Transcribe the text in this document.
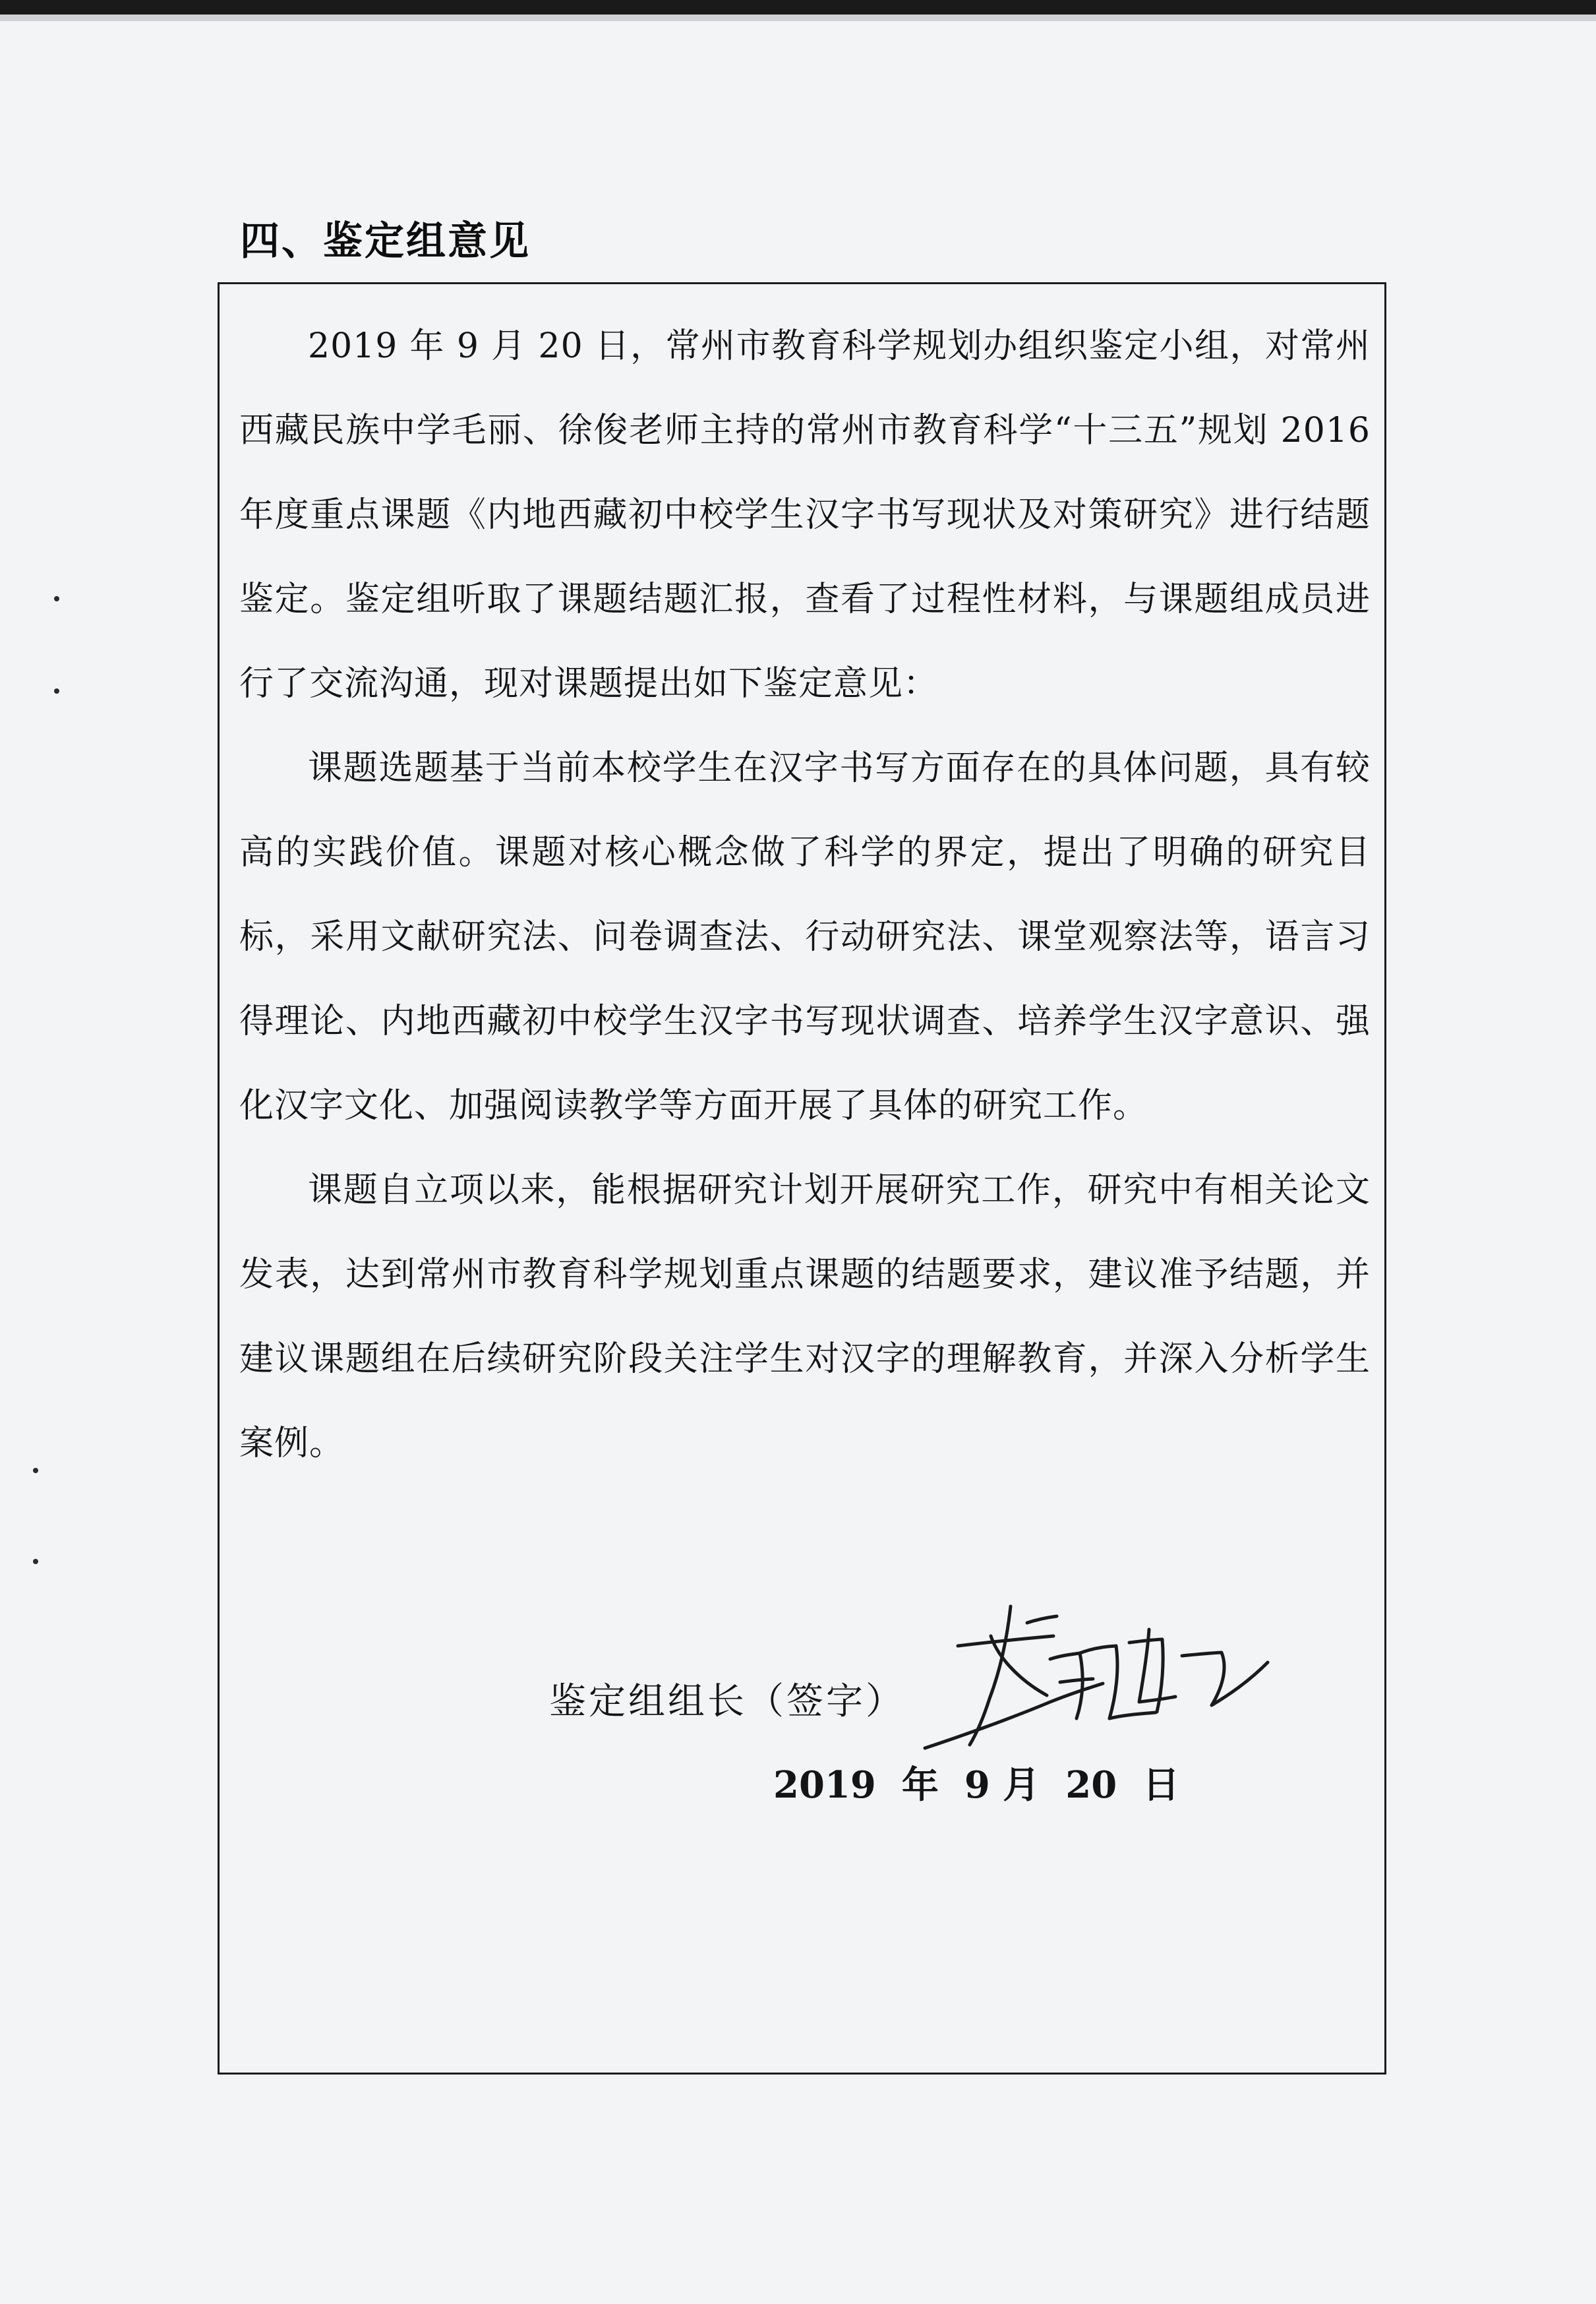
四、鉴定组意见

2019 年 9 月 20 日，常州市教育科学规划办组织鉴定小组，对常州西藏民族中学毛丽、徐俊老师主持的常州市教育科学“十三五”规划 2016 年度重点课题《内地西藏初中校学生汉字书写现状及对策研究》进行结题鉴定。鉴定组听取了课题结题汇报，查看了过程性材料，与课题组成员进行了交流沟通，现对课题提出如下鉴定意见：

课题选题基于当前本校学生在汉字书写方面存在的具体问题，具有较高的实践价值。课题对核心概念做了科学的界定，提出了明确的研究目标，采用文献研究法、问卷调查法、行动研究法、课堂观察法等，语言习得理论、内地西藏初中校学生汉字书写现状调查、培养学生汉字意识、强化汉字文化、加强阅读教学等方面开展了具体的研究工作。

课题自立项以来，能根据研究计划开展研究工作，研究中有相关论文发表，达到常州市教育科学规划重点课题的结题要求，建议准予结题，并建议课题组在后续研究阶段关注学生对汉字的理解教育，并深入分析学生案例。

鉴定组组长（签字）
2019  年  9 月  20  日
